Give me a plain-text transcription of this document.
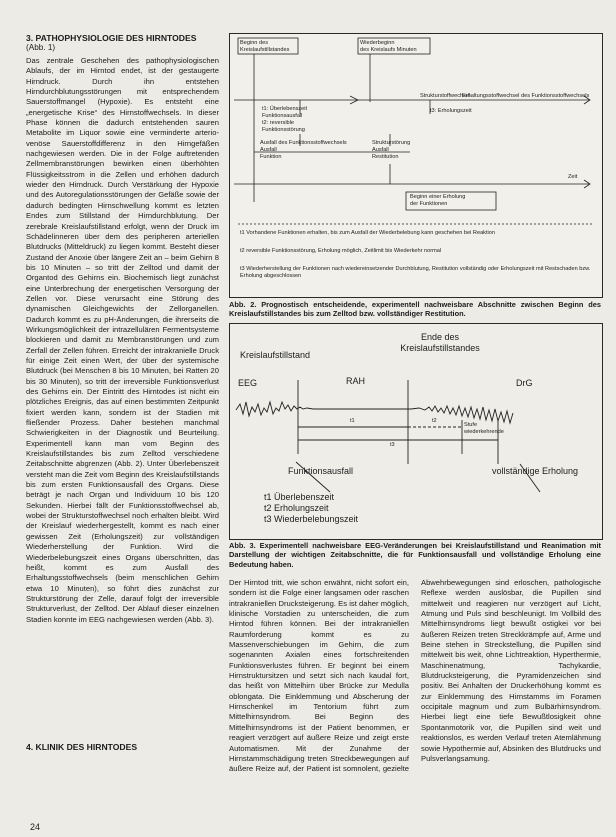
3. PATHOPHYSIOLOGIE DES HIRNTODES
(Abb. 1)
Das zentrale Geschehen des pathophysiologischen Ablaufs, der im Hirntod endet, ist der gestaugerte Hirndruck. Durch ihn entstehen Hirndurchblutungsstörungen mit entsprechendem Sauerstoffmangel (Hypoxie). Es entsteht eine „energetische Krise“ des Hirnstoffwechsels. In dieser Phase können die dadurch entstehenden sauren Metabolite im Liquor sowie eine verminderte arterio-venöse Sauerstoffdifferenz in den Hirngefäßen nachgewiesen werden. Die in der Folge auftretenden Zellmembranstörungen bewirken einen überhöhten Flüssigkeitsstrom in die Zellen und erhöhen dadurch wieder den Hirndruck. Durch Verstärkung der Hypoxie und des Autoregulationsstörungen der Gefäße sowie der dadurch bedingten Hirnschwellung kommt es letzten Endes zum Stillstand der Hirndurchblutung. Der zerebrale Kreislaufstillstand erfolgt, wenn der Druck im Schädelinneren über dem des peripheren arteriellen Blutdrucks (Mitteldruck) zu liegen kommt. Besteht dieser Zustand der Anoxie über längere Zeit an – beim Gehirn 8 bis 10 Minuten – so tritt der Zelltod und damit der Organtod des Gehirns ein. Biochemisch liegt zunächst eine Unterbrechung der energetischen Versorgung der Zellen vor. Diese verursacht eine Störung des dynamischen Gleichgewichts der Zellorganellen. Dadurch kommt es zu pH-Änderungen, die ihrerseits die Wirkungsmöglichkeit der intrazellulären Fermentsysteme blockieren und damit zu Membranstörungen und zum Zerfall der Zellen führen. Erreicht der intrakranielle Druck für einige Zeit einen Wert, der über der systemische Blutdruck (bei Menschen 8 bis 10 Minuten, bei Ratten 20 bis 30 Minuten), so tritt der irreversible Funktionsverlust des Gehirns ein. Der Eintritt des Hirntodes ist nicht ein plötzliches Ereignis, das auf einen bestimmten Zeitpunkt fixiert werden kann, sondern ist der Stadien mit fließender Prozess. Daher bestehen manchmal Schwierigkeiten in der Diagnostik und Beurteilung. Experimentell kann man vom Beginn des Kreislaufstillstandes bis zum Zelltod verschiedene Zeitabschnitte abgrenzen (Abb. 2). Unter Überlebenszeit versteht man die Zeit vom Beginn des Kreislaufstillstands bis zum ersten Funktionsausfall des Organs. Diese beträgt je nach Organ und Individuum 10 bis 120 Sekunden. Hierbei fällt der Funktionsstoffwechsel ab, wobei der Strukturstoffwechsel noch erhalten bleibt. Wird der Kreislauf wiederhergestellt, kommt es nach einer gewissen Zeit (Erholungszeit) zur vollständigen Wiederherstellung der Funktion. Wird die Wiederbelebungszeit eines Organs überschritten, das heißt, kommt es zum Ausfall des Erhaltungsstoffwechsels (beim menschlichen Gehirn etwa 10 Minuten), so führt dies zunächst zur Strukturstörung der Zelle, darauf folgt der irreversible Strukturverlust, der Zelltod. Der Ablauf dieser einzelnen Stadien konnte im EEG nachgewiesen werden (Abb. 3).
4. KLINIK DES HIRNTODES
24
Beginn des
Kreislaufstillstandes
Wiederbeginn
des Kreislaufs Minuten
Strukturstoffwechsel
Erhaltungsstoffwechsel des Funktionsstoffwechsels
t1: Überlebenszeit
Funktionsausfall
t2: reversible
Funktionsstörung
t3: Erholungszeit
Ausfall des Funktionsstoffwechsels
Ausfall
Funktion
Strukturstörung
Ausfall
Restitution
Zeit
Beginn einer Erholung
der Funktionen
t1 Vorhandene Funktionen erhalten, bis zum Ausfall der Wiederbelebung kann geschehen bei Reaktion
t2 reversible Funktionsstörung, Erholung möglich, Zeitlimit bis Wiederkehr normal
t3 Wiederherstellung der Funktionen nach wiedereinsetzender Durchblutung, Restitution vollständig oder Erholungszeit mit Restschaden bzw. Erholung abgeschlossen
Abb. 2. Prognostisch entscheidende, experimentell nachweisbare Abschnitte zwischen Beginn des Kreislaufstillstandes bis zum Zelltod bzw. vollständiger Restitution.
Ende des
Kreislaufstillstandes
Kreislaufstillstand
EEG	RAH	DrG
t1	t2
t3
Stufe
wiederkehrende
Funktionsausfall	vollständige Erholung
t1 Überlebenszeit
t2 Erholungszeit
t3 Wiederbelebungszeit
Abb. 3. Experimentell nachweisbare EEG-Veränderungen bei Kreislaufstillstand und Reanimation mit Darstellung der wichtigen Zeitabschnitte, die für Funktionsausfall und vollständige Erholung eine Bedeutung haben.
Der Hirntod tritt, wie schon erwähnt, nicht sofort ein, sondern ist die Folge einer langsamen oder raschen intrakraniellen Drucksteigerung. Es ist daher möglich, klinische Vorstadien zu unterscheiden, die zum Hirntod führen können. Bei der intrakraniellen Raumforderung kommt es zu Massenverschiebungen im Gehirn, die zum sogenannten Axialen eines fortschreitenden Funktionsverlustes führen. Er beginnt bei einem Hirnstruktursitzen und setzt sich nach kaudal fort, das heißt von Mittelhirn über Brücke zur Medulla oblongata. Die Einklemmung und Abscherung der Hirnschenkel im Tentorium führt zum Mittelhirnsyndrom. Bei Beginn des Mittelhirnsyndroms ist der Patient benommen, er reagiert verzögert auf äußere Reize und zeigt erste Automatismen. Mit der Zunahme der Hirnstammschädigung treten Streckbewegungen auf äußere Reize auf, der Patient ist somnolent, gezielte Abwehrbewegungen sind erloschen, pathologische Reflexe werden auslösbar, die Pupillen sind mittelweit und reagieren nur verzögert auf Licht, Atmung und Puls sind beschleunigt. Im Vollbild des Mittelhirnsyndroms liegt bewußt ostigkei vor bei äußeren Reizen treten Streckkrämpfe auf, Arme und Beine stehen in Streckstellung, die Pupillen sind mittelweit bis weit, ohne Lichtreaktion, Hyperthermie, Maschinenatmung, Tachykardie, Blutdrucksteigerung, die Pyramidenzeichen sind positiv. Bei Anhalten der Druckerhöhung kommt es zur Einklemmung des Hirnstamms im Foramen occipitale magnum und zum Bulbärhirnsyndrom. Hierbei liegt eine tiefe Bewußtlosigkeit ohne Spontanmotorik vor, die Pupillen sind weit und reaktionslos, es werden Verlauf treten Atemlähmung sowie Hypothermie auf, Absinken des Blutdrucks und Pulsverlangsamung.
